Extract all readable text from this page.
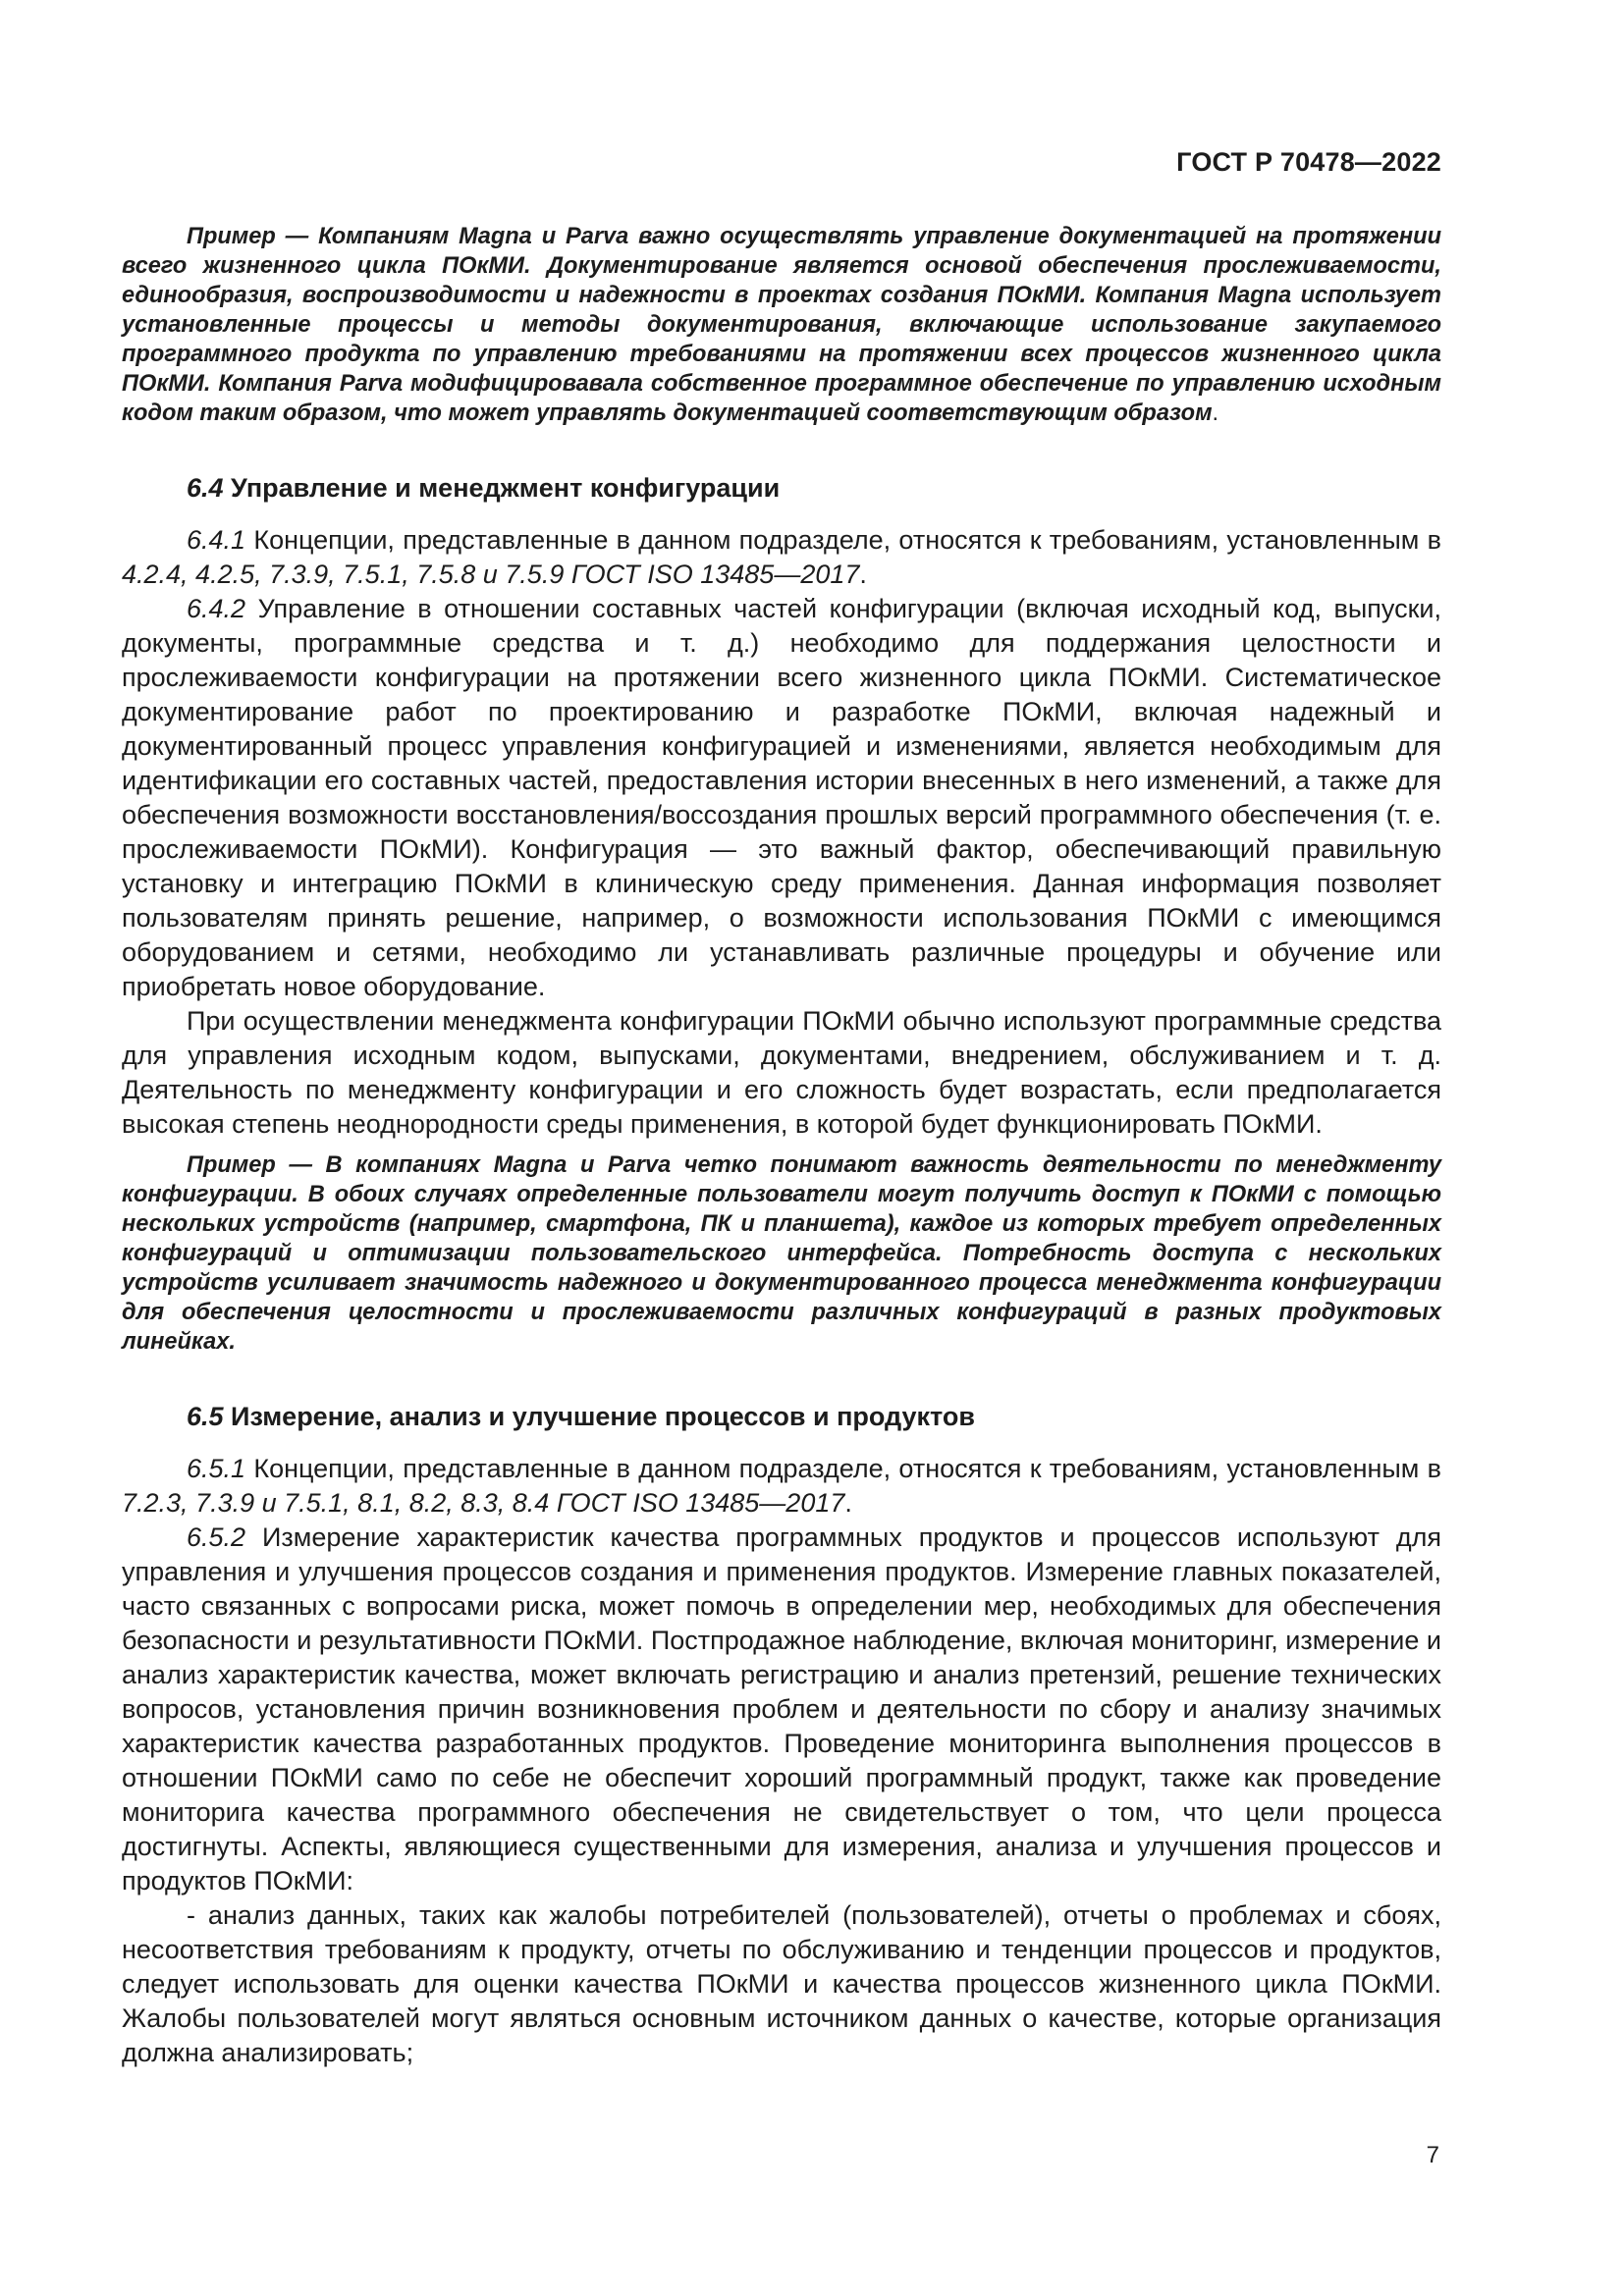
ГОСТ Р 70478—2022

Пример — Компаниям Magna и Parva важно осуществлять управление документацией на протяжении всего жизненного цикла ПОкМИ. Документирование является основой обеспечения прослеживаемости, единообразия, воспроизводимости и надежности в проектах создания ПОкМИ. Компания Magna использует установленные процессы и методы документирования, включающие использование закупаемого программного продукта по управлению требованиями на протяжении всех процессов жизненного цикла ПОкМИ. Компания Parva модифицировавала собственное программное обеспечение по управлению исходным кодом таким образом, что может управлять документацией соответствующим образом.

6.4 Управление и менеджмент конфигурации

6.4.1 Концепции, представленные в данном подразделе, относятся к требованиям, установленным в 4.2.4, 4.2.5, 7.3.9, 7.5.1, 7.5.8 и 7.5.9 ГОСТ ISO 13485—2017.

6.4.2 Управление в отношении составных частей конфигурации (включая исходный код, выпуски, документы, программные средства и т. д.) необходимо для поддержания целостности и прослеживаемости конфигурации на протяжении всего жизненного цикла ПОкМИ. Систематическое документирование работ по проектированию и разработке ПОкМИ, включая надежный и документированный процесс управления конфигурацией и изменениями, является необходимым для идентификации его составных частей, предоставления истории внесенных в него изменений, а также для обеспечения возможности восстановления/воссоздания прошлых версий программного обеспечения (т. е. прослеживаемости ПОкМИ). Конфигурация — это важный фактор, обеспечивающий правильную установку и интеграцию ПОкМИ в клиническую среду применения. Данная информация позволяет пользователям принять решение, например, о возможности использования ПОкМИ с имеющимся оборудованием и сетями, необходимо ли устанавливать различные процедуры и обучение или приобретать новое оборудование.

При осуществлении менеджмента конфигурации ПОкМИ обычно используют программные средства для управления исходным кодом, выпусками, документами, внедрением, обслуживанием и т. д. Деятельность по менеджменту конфигурации и его сложность будет возрастать, если предполагается высокая степень неоднородности среды применения, в которой будет функционировать ПОкМИ.

Пример — В компаниях Magna и Parva четко понимают важность деятельности по менеджменту конфигурации. В обоих случаях определенные пользователи могут получить доступ к ПОкМИ с помощью нескольких устройств (например, смартфона, ПК и планшета), каждое из которых требует определенных конфигураций и оптимизации пользовательского интерфейса. Потребность доступа с нескольких устройств усиливает значимость надежного и документированного процесса менеджмента конфигурации для обеспечения целостности и прослеживаемости различных конфигураций в разных продуктовых линейках.

6.5 Измерение, анализ и улучшение процессов и продуктов

6.5.1 Концепции, представленные в данном подразделе, относятся к требованиям, установленным в 7.2.3, 7.3.9 и 7.5.1, 8.1, 8.2, 8.3, 8.4 ГОСТ ISO 13485—2017.

6.5.2 Измерение характеристик качества программных продуктов и процессов используют для управления и улучшения процессов создания и применения продуктов. Измерение главных показателей, часто связанных с вопросами риска, может помочь в определении мер, необходимых для обеспечения безопасности и результативности ПОкМИ. Постпродажное наблюдение, включая мониторинг, измерение и анализ характеристик качества, может включать регистрацию и анализ претензий, решение технических вопросов, установления причин возникновения проблем и деятельности по сбору и анализу значимых характеристик качества разработанных продуктов. Проведение мониторинга выполнения процессов в отношении ПОкМИ само по себе не обеспечит хороший программный продукт, также как проведение мониторига качества программного обеспечения не свидетельствует о том, что цели процесса достигнуты. Аспекты, являющиеся существенными для измерения, анализа и улучшения процессов и продуктов ПОкМИ:

- анализ данных, таких как жалобы потребителей (пользователей), отчеты о проблемах и сбоях, несоответствия требованиям к продукту, отчеты по обслуживанию и тенденции процессов и продуктов, следует использовать для оценки качества ПОкМИ и качества процессов жизненного цикла ПОкМИ. Жалобы пользователей могут являться основным источником данных о качестве, которые организация должна анализировать;

7
